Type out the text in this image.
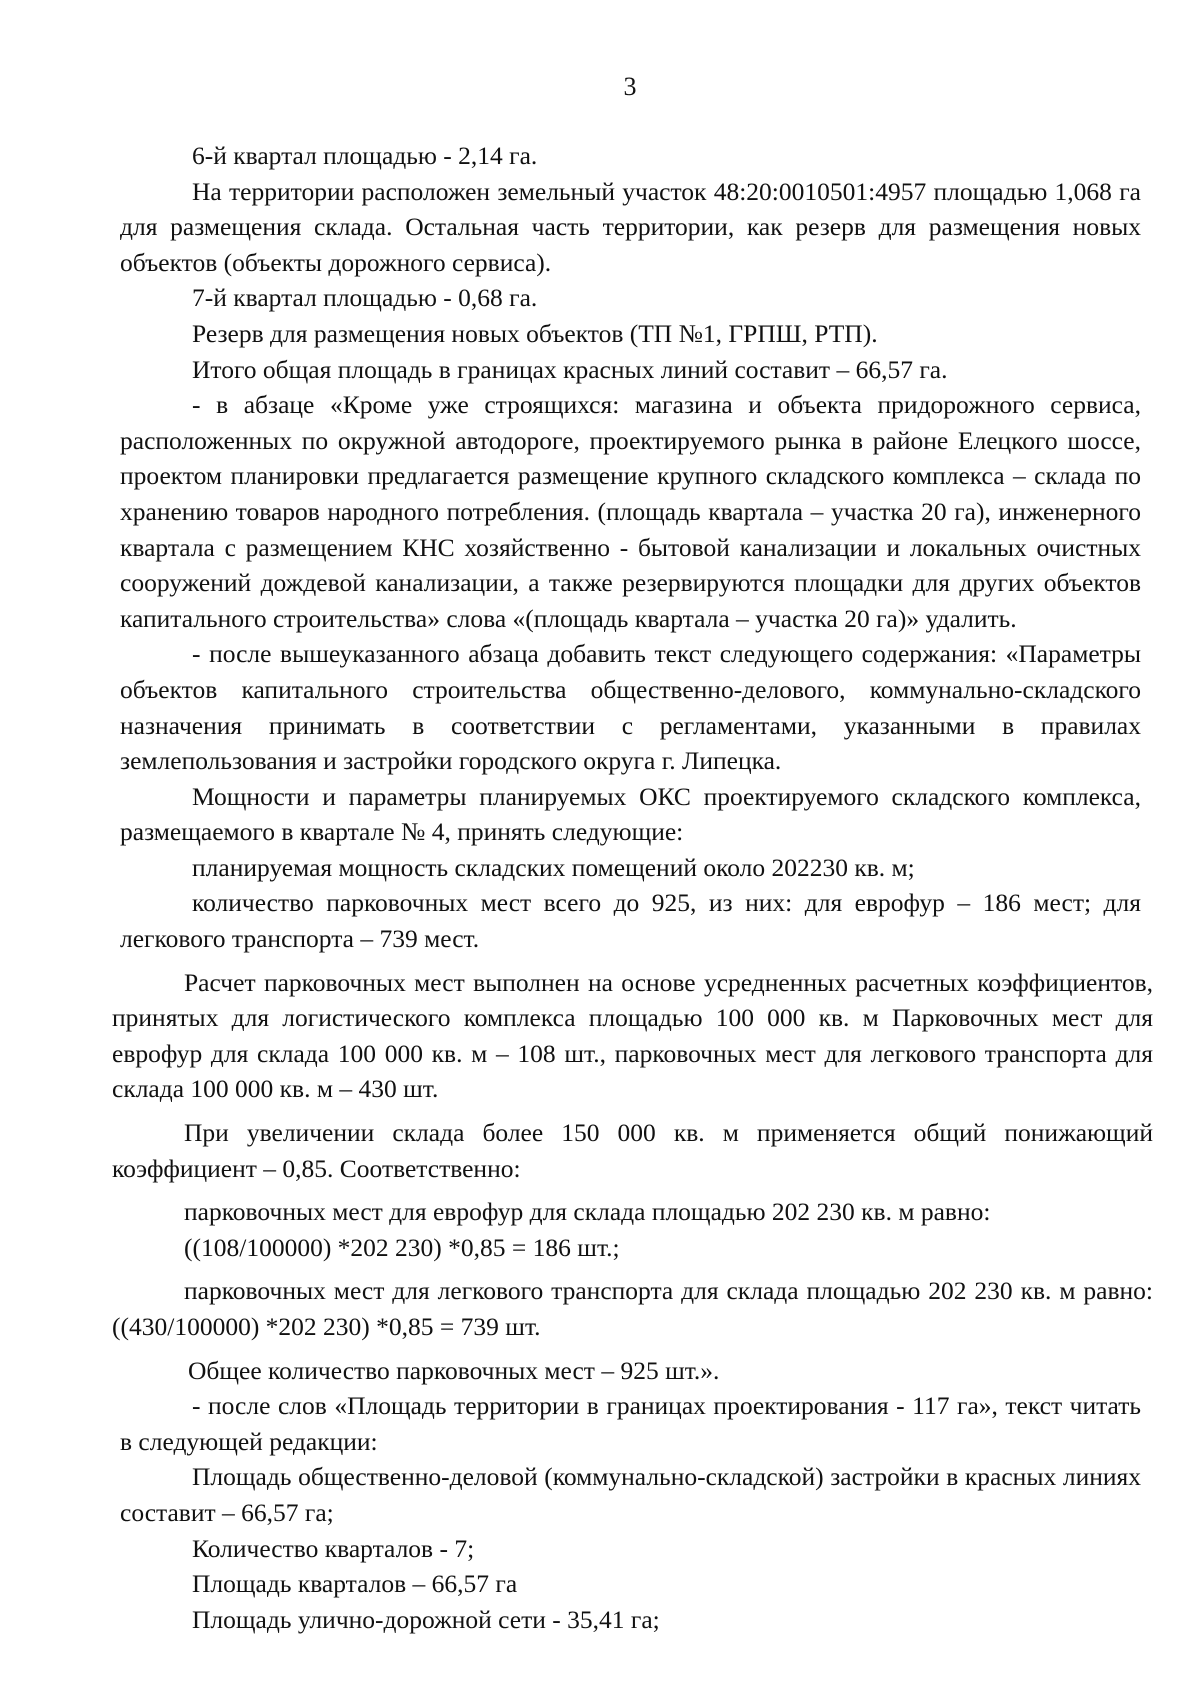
3

6-й квартал площадью - 2,14 га.

На территории расположен земельный участок 48:20:0010501:4957 площадью 1,068 га для размещения склада. Остальная часть территории, как резерв для размещения новых объектов (объекты дорожного сервиса).

7-й квартал площадью - 0,68 га.

Резерв для размещения новых объектов (ТП №1, ГРПШ, РТП).

Итого общая площадь в границах красных линий составит – 66,57 га.

- в абзаце «Кроме уже строящихся: магазина и объекта придорожного сервиса, расположенных по окружной автодороге, проектируемого рынка в районе Елецкого шоссе, проектом планировки предлагается размещение крупного складского комплекса – склада по хранению товаров народного потребления. (площадь квартала – участка 20 га), инженерного квартала с размещением КНС хозяйственно - бытовой канализации и локальных очистных сооружений дождевой канализации, а также резервируются площадки для других объектов капитального строительства» слова «(площадь квартала – участка 20 га)» удалить.

- после вышеуказанного абзаца добавить текст следующего содержания: «Параметры объектов капитального строительства общественно-делового, коммунально-складского назначения принимать в соответствии с регламентами, указанными в правилах землепользования и застройки городского округа г. Липецка.

Мощности и параметры планируемых ОКС проектируемого складского комплекса, размещаемого в квартале № 4, принять следующие:

планируемая мощность складских помещений около 202230 кв. м;

количество парковочных мест всего до 925, из них: для еврофур – 186 мест; для легкового транспорта – 739 мест.

Расчет парковочных мест выполнен на основе усредненных расчетных коэффициентов, принятых для логистического комплекса площадью 100 000 кв. м Парковочных мест для еврофур для склада 100 000 кв. м – 108 шт., парковочных мест для легкового транспорта для склада 100 000 кв. м – 430 шт.

При увеличении склада более 150 000 кв. м применяется общий понижающий коэффициент – 0,85. Соответственно:

парковочных мест для еврофур для склада площадью 202 230 кв. м равно:

((108/100000) *202 230) *0,85 = 186 шт.;

парковочных мест для легкового транспорта для склада площадью 202 230 кв. м равно: ((430/100000) *202 230) *0,85 = 739 шт.

Общее количество парковочных мест – 925 шт.».

- после слов «Площадь территории в границах проектирования - 117 га», текст читать в следующей редакции:

Площадь общественно-деловой (коммунально-складской) застройки в красных линиях составит – 66,57 га;

Количество кварталов - 7;

Площадь кварталов – 66,57 га

Площадь улично-дорожной сети - 35,41 га;
